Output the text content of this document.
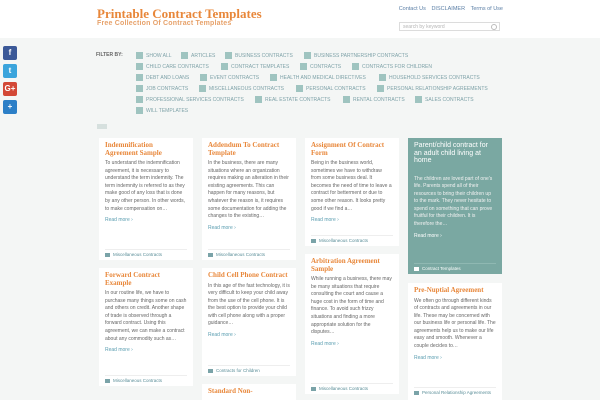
Printable Contract Templates
Free Collection Of Contract Templates
Contact Us DISCLAIMER Terms of Use
search by keyword
f
t
G+
+
FILTER BY:	SHOW ALL	ARTICLES	BUSINESS CONTRACTS	BUSINESS PARTNERSHIP CONTRACTS
CHILD CARE CONTRACTS	CONTRACT TEMPLATES	CONTRACTS	CONTRACTS FOR CHILDREN
DEBT AND LOANS	EVENT CONTRACTS	HEALTH AND MEDICAL DIRECTIVES	HOUSEHOLD SERVICES CONTRACTS
JOB CONTRACTS	MISCELLANEOUS CONTRACTS	PERSONAL CONTRACTS	PERSONAL RELATIONSHIP AGREEMENTS
PROFESSIONAL SERVICES CONTRACTS	REAL ESTATE CONTRACTS	RENTAL CONTRACTS	SALES CONTRACTS
WILL TEMPLATES
Indemnification Agreement Sample
To understand the indemnification agreement, it is necessary to understand the term indemnity. The term indemnity is referred to as they make good of any loss that is done by any other person. In other words, to make compensation on…
Read more ›
Miscellaneous Contracts
Addendum To Contract Template
In the business, there are many situations where an organization requires making an alteration in their existing agreements. This can happen for many reasons, but whatever the reason is, it requires some documentation for adding the changes to the existing…
Read more ›
Miscellaneous Contracts
Assignment Of Contract Form
Being in the business world, sometimes we have to withdraw from some business deal. It becomes the need of time to leave a contract for betterment or due to some other reason. It looks pretty good if we find a…
Read more ›
Miscellaneous Contracts
Parent/child contract for an adult child living at home
The children are loved part of one's life. Parents spend all of their resources to bring their children up to the mark. They never hesitate to spend on something that can prove fruitful for their children. It is therefore the…
Read more ›
Contract Templates
Forward Contract Example
In our routine life, we have to purchase many things some on cash and others on credit. Another shape of trade is observed through a forward contract. Using this agreement, we can make a contract about any commodity such as…
Read more ›
Miscellaneous Contracts
Child Cell Phone Contract
In this age of the fast technology, it is very difficult to keep your child away from the use of the cell phone. It is the best option to provide your child with cell phone along with a proper guidance…
Read more ›
Contracts for Children
Arbitration Agreement Sample
While running a business, there may be many situations that require consulting the court and cause a huge cost in the form of time and finance. To avoid such frizzy situations and finding a more appropriate solution for the disputes…
Read more ›
Miscellaneous Contracts
Pre-Nuptial Agreement
We often go through different kinds of contracts and agreements in our life. These may be concerned with our business life or personal life. The agreements help us to make our life easy and smooth. Whenever a couple decides to…
Read more ›
Personal Relationship Agreements
Standard Non-
